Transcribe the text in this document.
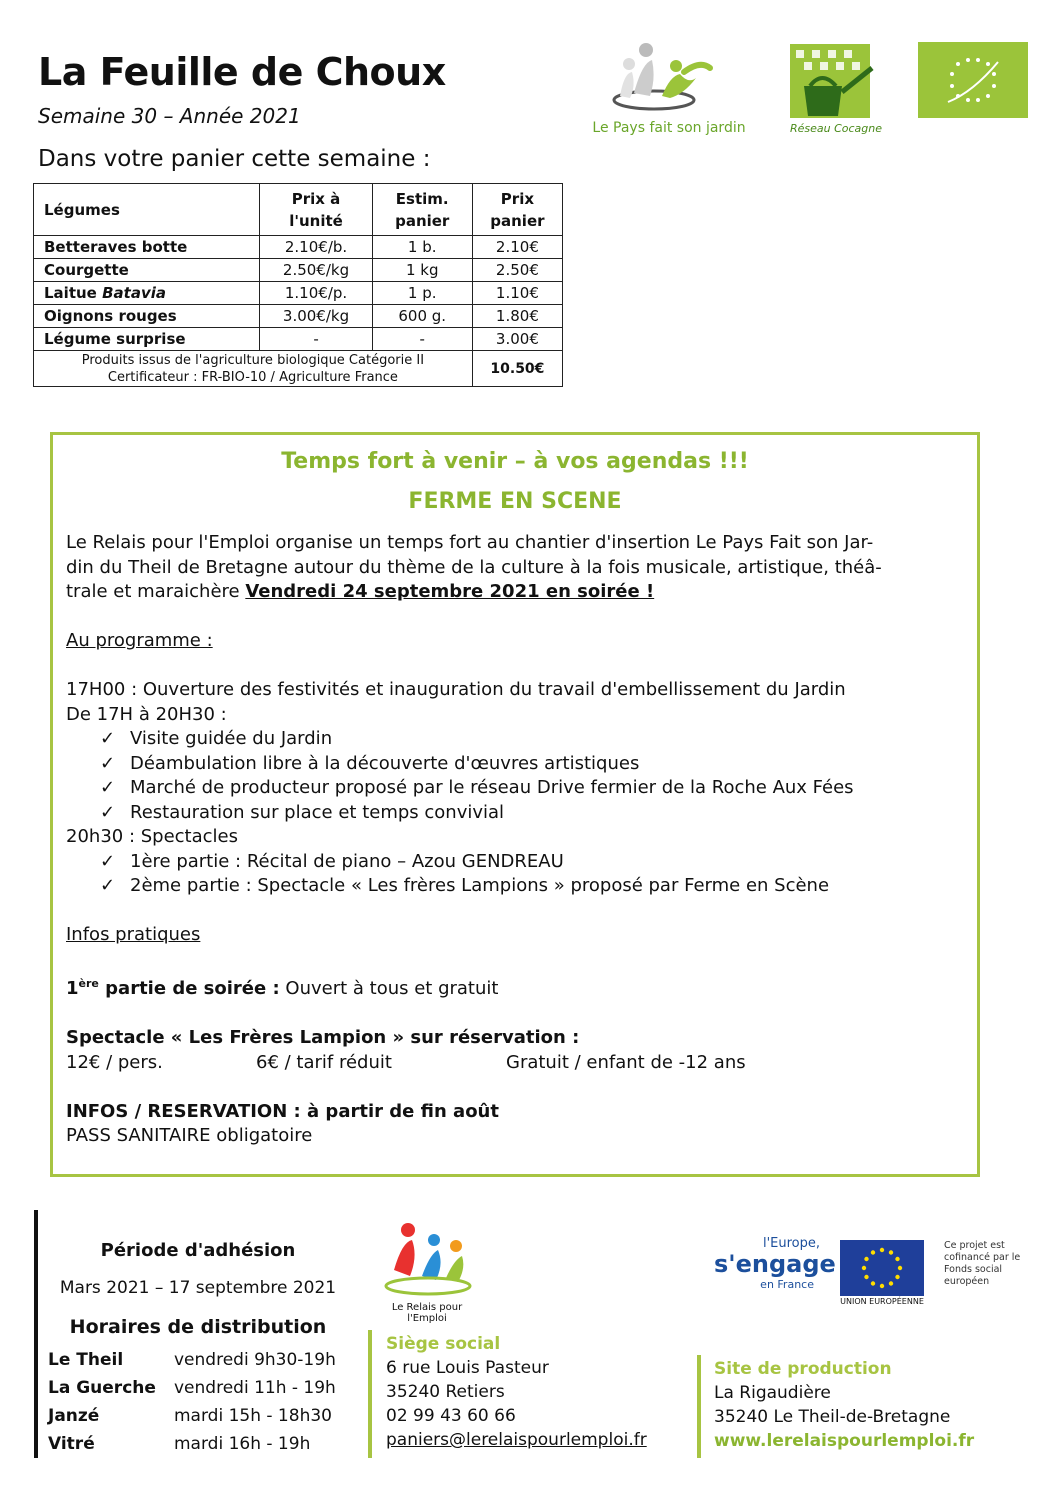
La Feuille de Choux
Semaine 30 – Année 2021
Dans votre panier cette semaine :
Le Pays fait son jardin	Réseau Cocagne
Légumes	Prix à l'unité	Estim. panier	Prix panier
Betteraves botte	2.10€/b.	1 b.	2.10€
Courgette	2.50€/kg	1 kg	2.50€
Laitue Batavia	1.10€/p.	1 p.	1.10€
Oignons rouges	3.00€/kg	600 g.	1.80€
Légume surprise	-	-	3.00€

Produits issus de l'agriculture biologique Catégorie II
Certificateur : FR-BIO-10 / Agriculture France			10.50€
Temps fort à venir – à vos agendas !!!
FERME EN SCENE

Le Relais pour l'Emploi organise un temps fort au chantier d'insertion Le Pays Fait son Jar-

din du Theil de Bretagne autour du thème de la culture à la fois musicale, artistique, théâ-

trale et maraichère Vendredi 24 septembre 2021 en soirée !

Au programme :

17H00 : Ouverture des festivités et inauguration du travail d'embellissement du Jardin

De 17H à 20H30 :

✓ Visite guidée du Jardin

✓ Déambulation libre à la découverte d'œuvres artistiques

✓ Marché de producteur proposé par le réseau Drive fermier de la Roche Aux Fées

✓ Restauration sur place et temps convivial

20h30 : Spectacles

✓ 1ère partie : Récital de piano – Azou GENDREAU

✓ 2ème partie : Spectacle « Les frères Lampions » proposé par Ferme en Scène

Infos pratiques

1ère partie de soirée : Ouvert à tous et gratuit

Spectacle « Les Frères Lampion » sur réservation :

12€ / pers.	6€ / tarif réduit	Gratuit / enfant de -12 ans

INFOS / RESERVATION : à partir de fin août

PASS SANITAIRE obligatoire

Période d'adhésion
Mars 2021 – 17 septembre 2021
Horaires de distribution
Le Theil	vendredi 9h30-19h
La Guerche vendredi 11h - 19h
Janzé	mardi 15h - 18h30
Vitré	mardi 16h - 19h
Le Relais pour l'Emploi
Siège social
6 rue Louis Pasteur
35240 Retiers
02 99 43 60 66
paniers@lerelaispourlemploi.fr
Site de production
La Rigaudière
35240 Le Theil-de-Bretagne
www.lerelaispourlemploi.fr
l'Europe,
s'engage
en France
UNION EUROPÉENNE
Ce projet est cofinancé par le Fonds social européen
